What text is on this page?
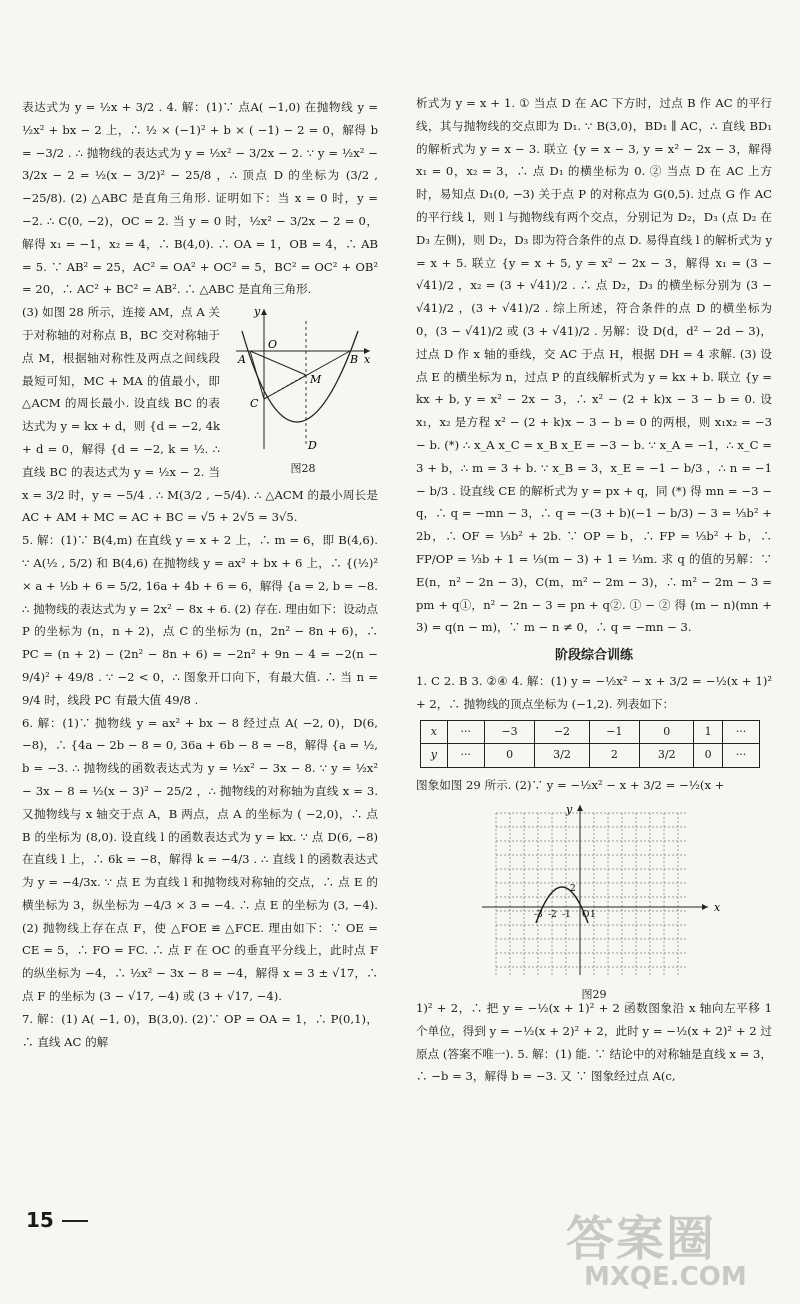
表达式为 y = ½x + 3/2 . 4. 解：(1)∵ 点A( −1,0) 在抛物线 y = ½x² + bx − 2 上，∴ ½ × (−1)² + b × ( −1) − 2 = 0，解得 b = −3/2 . ∴ 抛物线的表达式为 y = ½x² − 3/2x − 2. ∵ y = ½x² − 3/2x − 2 = ½(x − 3/2)² − 25/8 ，∴ 顶点 D 的坐标为 (3/2 , −25/8). (2) △ABC 是直角三角形. 证明如下：当 x = 0 时，y = −2. ∴ C(0, −2)，OC = 2. 当 y = 0 时，½x² − 3/2x − 2 = 0，解得 x₁ = −1，x₂ = 4，∴ B(4,0). ∴ OA = 1，OB = 4，∴ AB = 5. ∵ AB² = 25，AC² = OA² + OC² = 5，BC² = OC² + OB² = 20，∴ AC² + BC² = AB². ∴ △ABC 是直角三角形.

y
x
A
O
B
C
M
D
图28

(3) 如图 28 所示，连接 AM，点 A 关于对称轴的对称点 B，BC 交对称轴于点 M，根据轴对称性及两点之间线段最短可知，MC + MA 的值最小，即 △ACM 的周长最小. 设直线 BC 的表达式为 y = kx + d，则 {d = −2, 4k + d = 0，解得 {d = −2, k = ½. ∴ 直线 BC 的表达式为 y = ½x − 2. 当 x = 3/2 时，y = −5/4 . ∴ M(3/2 , −5/4). ∴ △ACM 的最小周长是 AC + AM + MC = AC + BC = √5 + 2√5 = 3√5.

5. 解：(1)∵ B(4,m) 在直线 y = x + 2 上，∴ m = 6，即 B(4,6). ∵ A(½ , 5/2) 和 B(4,6) 在抛物线 y = ax² + bx + 6 上，∴ {(½)² × a + ½b + 6 = 5/2, 16a + 4b + 6 = 6，解得 {a = 2, b = −8. ∴ 抛物线的表达式为 y = 2x² − 8x + 6. (2) 存在. 理由如下：设动点 P 的坐标为 (n，n + 2)，点 C 的坐标为 (n，2n² − 8n + 6)，∴ PC = (n + 2) − (2n² − 8n + 6) = −2n² + 9n − 4 = −2(n − 9/4)² + 49/8 . ∵ −2 < 0，∴ 图象开口向下，有最大值. ∴ 当 n = 9/4 时，线段 PC 有最大值 49/8 .

6. 解：(1)∵ 抛物线 y = ax² + bx − 8 经过点 A( −2, 0)，D(6, −8)，∴ {4a − 2b − 8 = 0, 36a + 6b − 8 = −8，解得 {a = ½, b = −3. ∴ 抛物线的函数表达式为 y = ½x² − 3x − 8. ∵ y = ½x² − 3x − 8 = ½(x − 3)² − 25/2 ，∴ 抛物线的对称轴为直线 x = 3. 又抛物线与 x 轴交于点 A，B 两点，点 A 的坐标为 ( −2,0)，∴ 点 B 的坐标为 (8,0). 设直线 l 的函数表达式为 y = kx. ∵ 点 D(6, −8) 在直线 l 上，∴ 6k = −8，解得 k = −4/3 . ∴ 直线 l 的函数表达式为 y = −4/3x. ∵ 点 E 为直线 l 和抛物线对称轴的交点，∴ 点 E 的横坐标为 3，纵坐标为 −4/3 × 3 = −4. ∴ 点 E 的坐标为 (3, −4). (2) 抛物线上存在点 F，使 △FOE ≌ △FCE. 理由如下：∵ OE = CE = 5，∴ FO = FC. ∴ 点 F 在 OC 的垂直平分线上，此时点 F 的纵坐标为 −4，∴ ½x² − 3x − 8 = −4，解得 x = 3 ± √17，∴ 点 F 的坐标为 (3 − √17, −4) 或 (3 + √17, −4).

7. 解：(1) A( −1, 0)，B(3,0). (2)∵ OP = OA = 1，∴ P(0,1)，∴ 直线 AC 的解

析式为 y = x + 1. ① 当点 D 在 AC 下方时，过点 B 作 AC 的平行线，其与抛物线的交点即为 D₁. ∵ B(3,0)，BD₁ ∥ AC，∴ 直线 BD₁ 的解析式为 y = x − 3. 联立 {y = x − 3, y = x² − 2x − 3，解得 x₁ = 0，x₂ = 3，∴ 点 D₁ 的横坐标为 0. ② 当点 D 在 AC 上方时，易知点 D₁(0, −3) 关于点 P 的对称点为 G(0,5). 过点 G 作 AC 的平行线 l，则 l 与抛物线有两个交点，分别记为 D₂，D₃ (点 D₂ 在 D₃ 左侧)，则 D₂，D₃ 即为符合条件的点 D. 易得直线 l 的解析式为 y = x + 5. 联立 {y = x + 5, y = x² − 2x − 3，解得 x₁ = (3 − √41)/2 ，x₂ = (3 + √41)/2 . ∴ 点 D₂，D₃ 的横坐标分别为 (3 − √41)/2 ，(3 + √41)/2 . 综上所述，符合条件的点 D 的横坐标为 0，(3 − √41)/2 或 (3 + √41)/2 . 另解：设 D(d，d² − 2d − 3)，过点 D 作 x 轴的垂线，交 AC 于点 H，根据 DH = 4 求解. (3) 设点 E 的横坐标为 n，过点 P 的直线解析式为 y = kx + b. 联立 {y = kx + b, y = x² − 2x − 3，∴ x² − (2 + k)x − 3 − b = 0. 设 x₁，x₂ 是方程 x² − (2 + k)x − 3 − b = 0 的两根，则 x₁x₂ = −3 − b. (*) ∴ x_A x_C = x_B x_E = −3 − b. ∵ x_A = −1，∴ x_C = 3 + b，∴ m = 3 + b. ∵ x_B = 3，x_E = −1 − b/3 ，∴ n = −1 − b/3 . 设直线 CE 的解析式为 y = px + q，同 (*) 得 mn = −3 − q，∴ q = −mn − 3，∴ q = −(3 + b)(−1 − b/3) − 3 = ⅓b² + 2b，∴ OF = ⅓b² + 2b. ∵ OP = b，∴ FP = ⅓b² + b，∴ FP/OP = ⅓b + 1 = ⅓(m − 3) + 1 = ⅓m. 求 q 的值的另解：∵ E(n，n² − 2n − 3)，C(m，m² − 2m − 3)，∴ m² − 2m − 3 = pm + q①，n² − 2n − 3 = pn + q②. ① − ② 得 (m − n)(mn + 3) = q(n − m)，∵ m − n ≠ 0，∴ q = −mn − 3.

阶段综合训练

1. C 2. B 3. ②④ 4. 解：(1) y = −½x² − x + 3/2 = −½(x + 1)² + 2，∴ 抛物线的顶点坐标为 (−1,2). 列表如下：

x	···	−3	−2	−1	0	1	···
y	···	0	3/2	2	3/2	0	···

图象如图 29 所示. (2)∵ y = −½x² − x + 3/2 = −½(x +

y
x
O
2
-3 -2 -1 1
图29

1)² + 2，∴ 把 y = −½(x + 1)² + 2 函数图象沿 x 轴向左平移 1 个单位，得到 y = −½(x + 2)² + 2，此时 y = −½(x + 2)² + 2 过原点 (答案不唯一). 5. 解：(1) 能. ∵ 结论中的对称轴是直线 x = 3，∴ −b = 3，解得 b = −3. 又 ∵ 图象经过点 A(c,

15	答案圈
MXQE.COM
